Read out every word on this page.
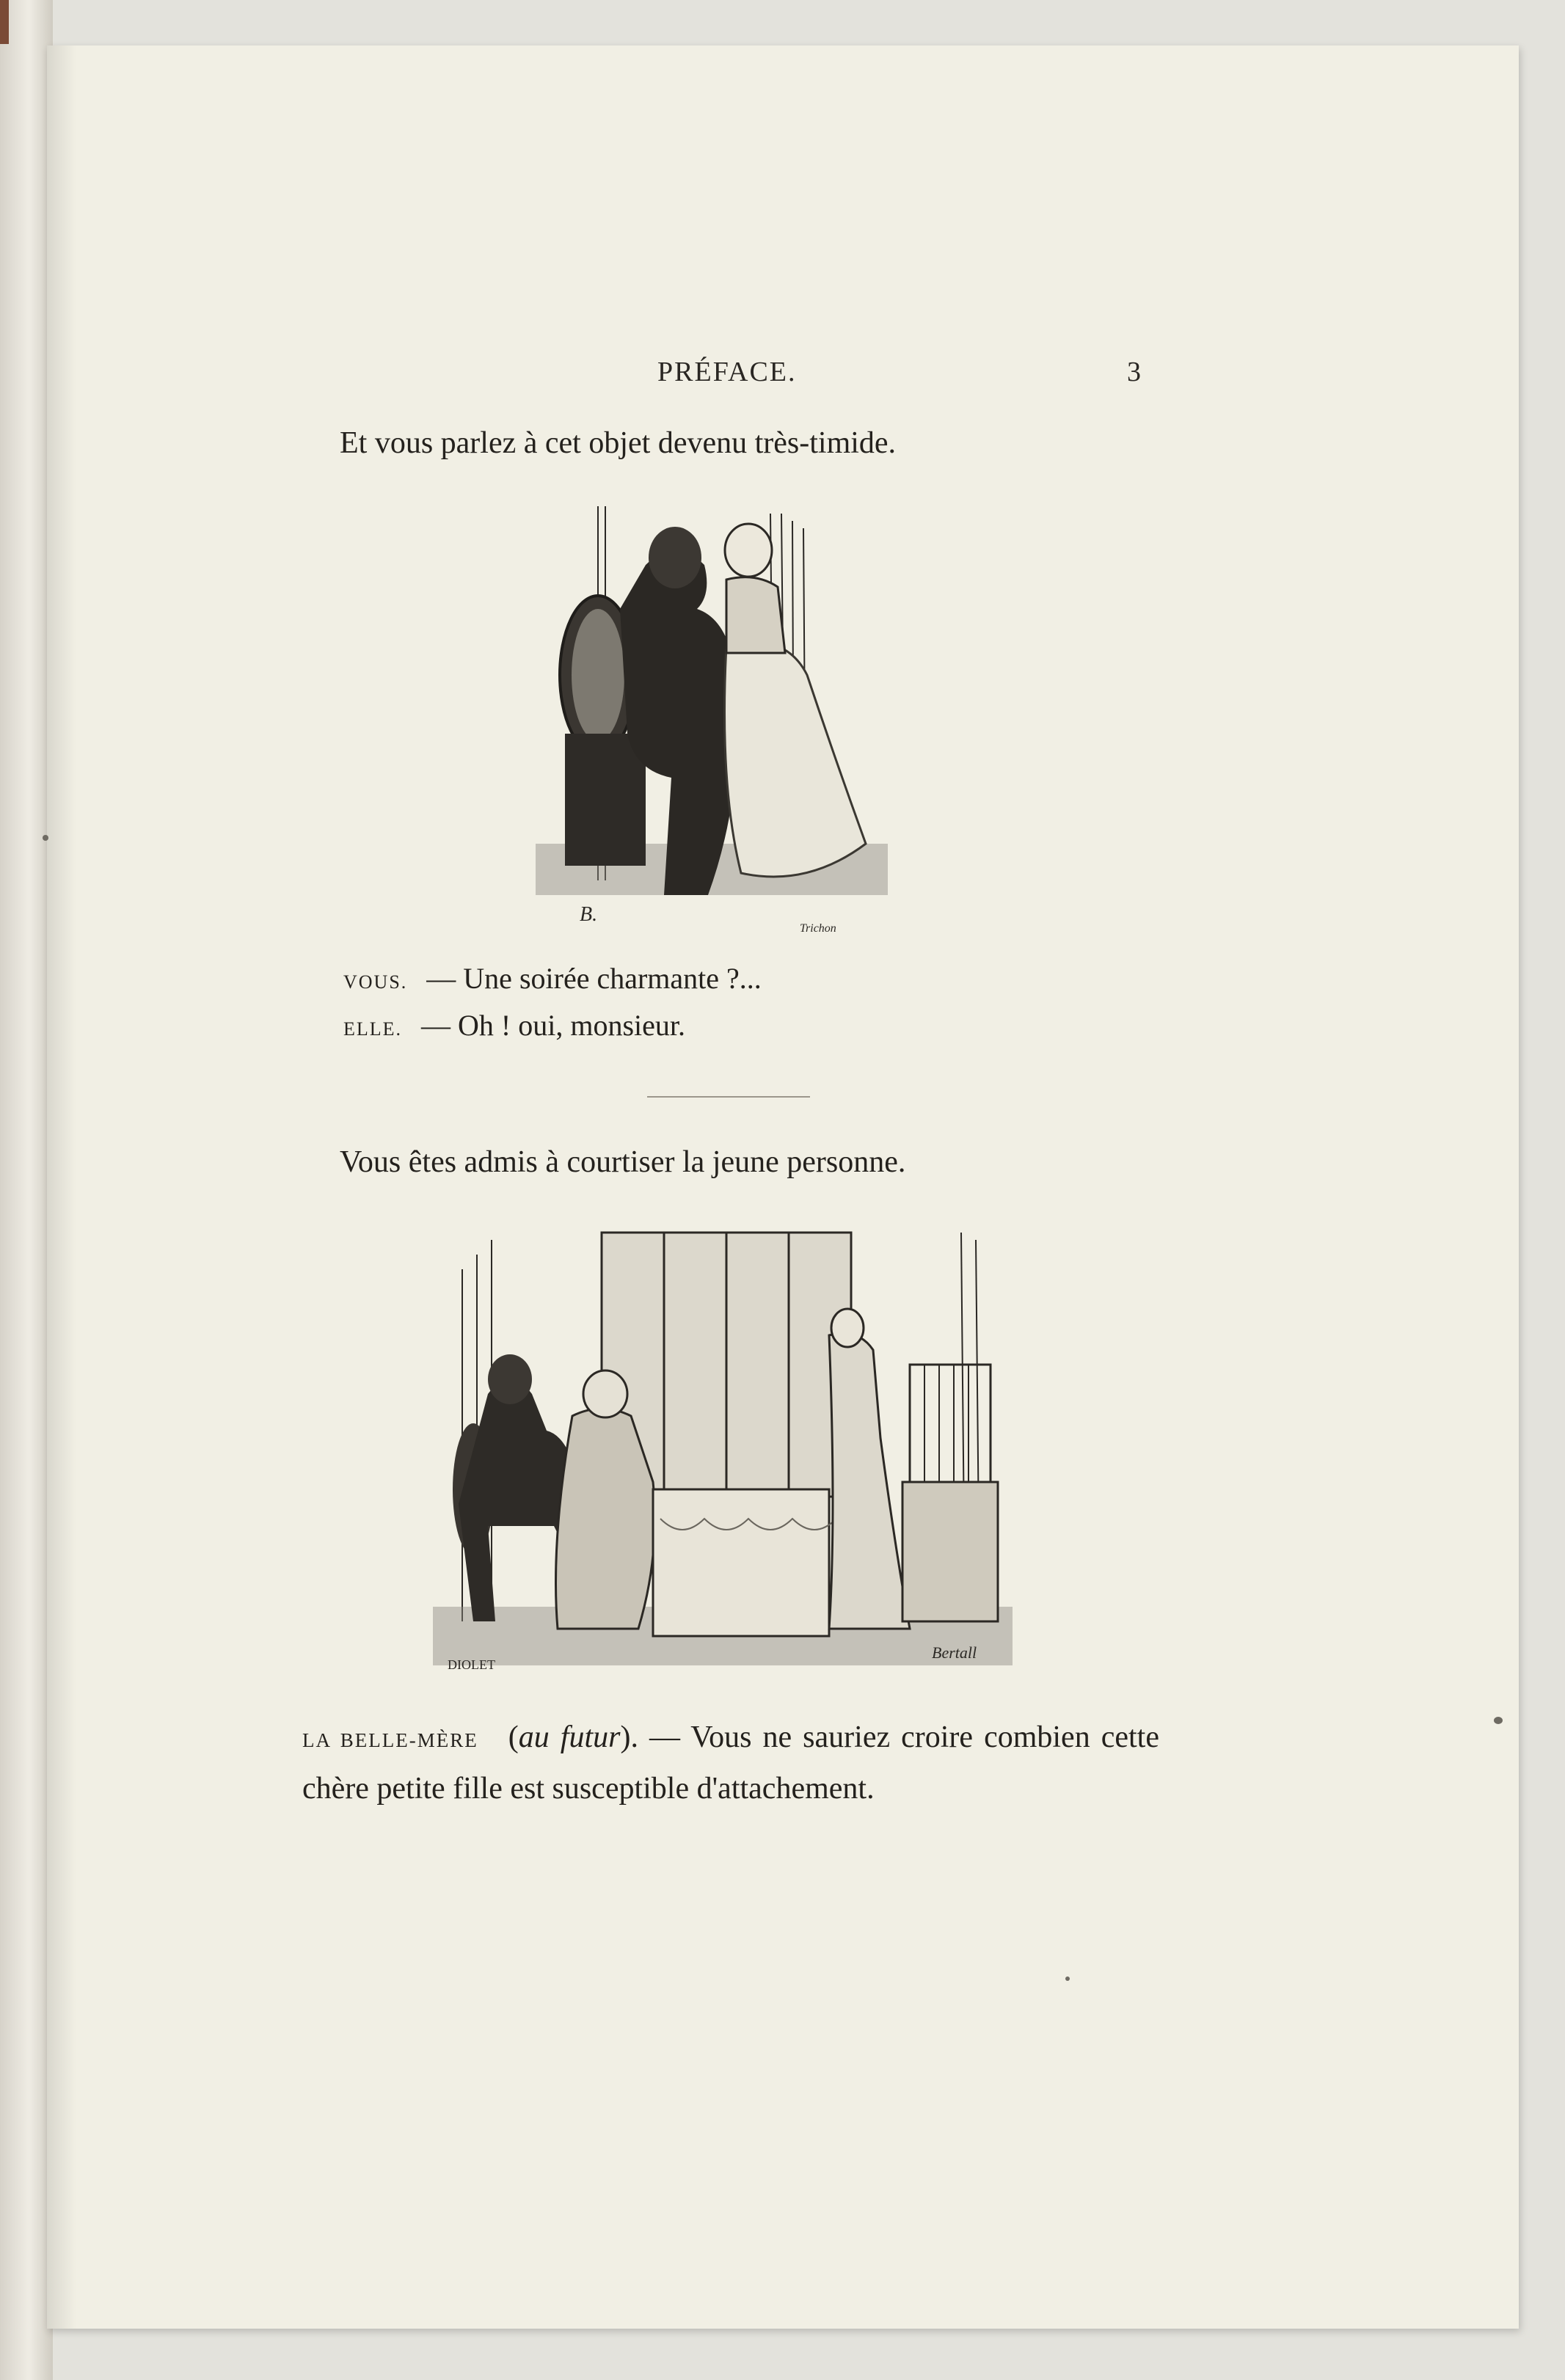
PRÉFACE.	3
Et vous parlez à cet objet devenu très-timide.
B.
Trichon
VOUS. — Une soirée charmante ?...
ELLE. — Oh ! oui, monsieur.
Vous êtes admis à courtiser la jeune personne.
DIOLET
Bertall
LA BELLE-MÈRE (au futur). — Vous ne sauriez croire combien cette chère petite fille est susceptible d'attachement.
